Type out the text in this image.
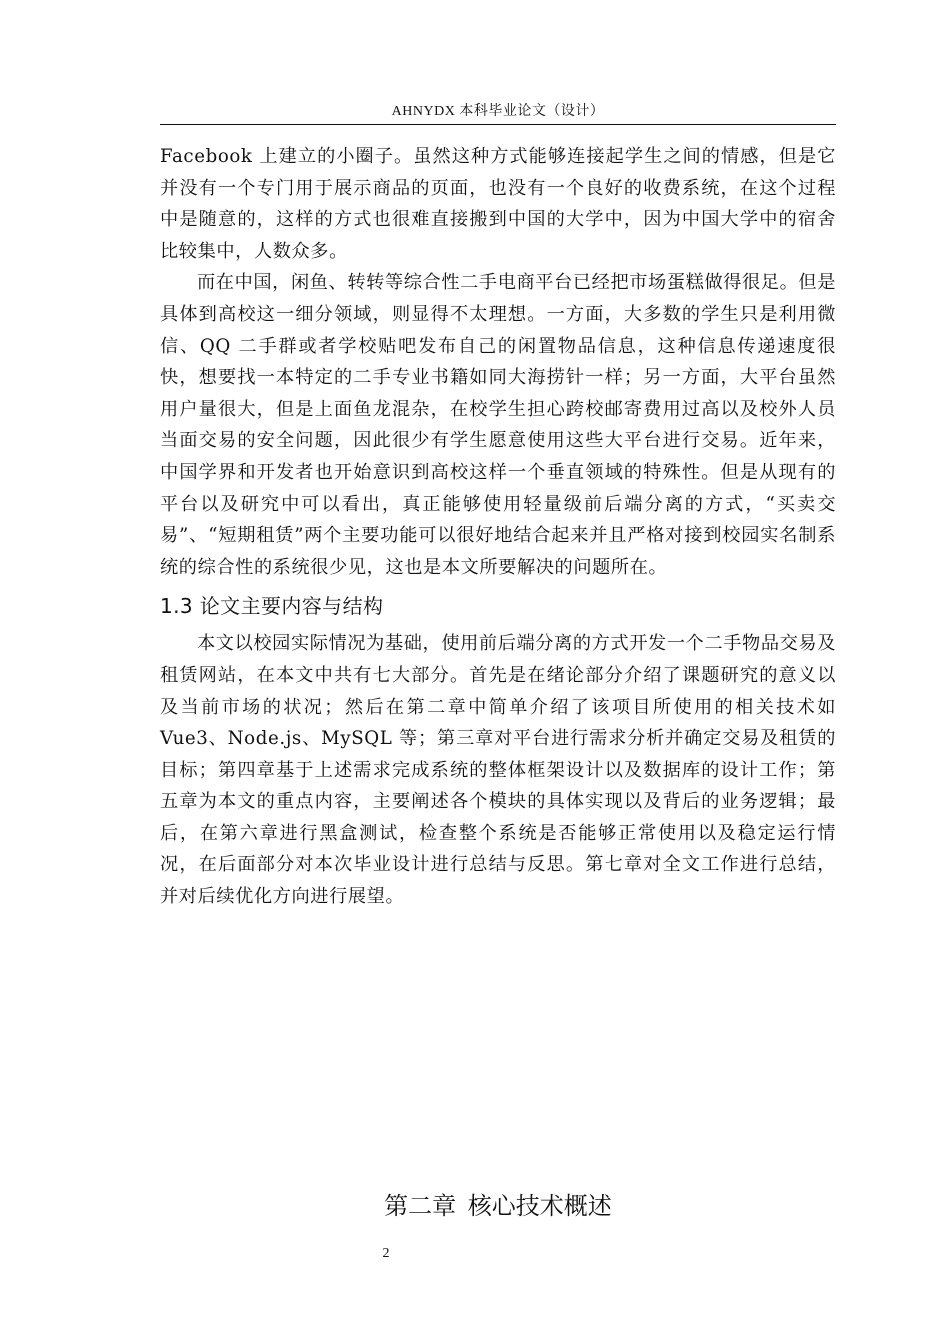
AHNYDX 本科毕业论文（设计）

Facebook 上建立的小圈子。虽然这种方式能够连接起学生之间的情感，但是它并没有一个专门用于展示商品的页面，也没有一个良好的收费系统，在这个过程中是随意的，这样的方式也很难直接搬到中国的大学中，因为中国大学中的宿舍比较集中，人数众多。

而在中国，闲鱼、转转等综合性二手电商平台已经把市场蛋糕做得很足。但是具体到高校这一细分领域，则显得不太理想。一方面，大多数的学生只是利用微信、QQ 二手群或者学校贴吧发布自己的闲置物品信息，这种信息传递速度很快，想要找一本特定的二手专业书籍如同大海捞针一样；另一方面，大平台虽然用户量很大，但是上面鱼龙混杂，在校学生担心跨校邮寄费用过高以及校外人员当面交易的安全问题，因此很少有学生愿意使用这些大平台进行交易。近年来，中国学界和开发者也开始意识到高校这样一个垂直领域的特殊性。但是从现有的平台以及研究中可以看出，真正能够使用轻量级前后端分离的方式，“买卖交易”、“短期租赁”两个主要功能可以很好地结合起来并且严格对接到校园实名制系统的综合性的系统很少见，这也是本文所要解决的问题所在。

1.3 论文主要内容与结构

本文以校园实际情况为基础，使用前后端分离的方式开发一个二手物品交易及租赁网站，在本文中共有七大部分。首先是在绪论部分介绍了课题研究的意义以及当前市场的状况；然后在第二章中简单介绍了该项目所使用的相关技术如 Vue3、Node.js、MySQL 等；第三章对平台进行需求分析并确定交易及租赁的目标；第四章基于上述需求完成系统的整体框架设计以及数据库的设计工作；第五章为本文的重点内容，主要阐述各个模块的具体实现以及背后的业务逻辑；最后，在第六章进行黑盒测试，检查整个系统是否能够正常使用以及稳定运行情况，在后面部分对本次毕业设计进行总结与反思。第七章对全文工作进行总结，并对后续优化方向进行展望。

第二章 核心技术概述
2
